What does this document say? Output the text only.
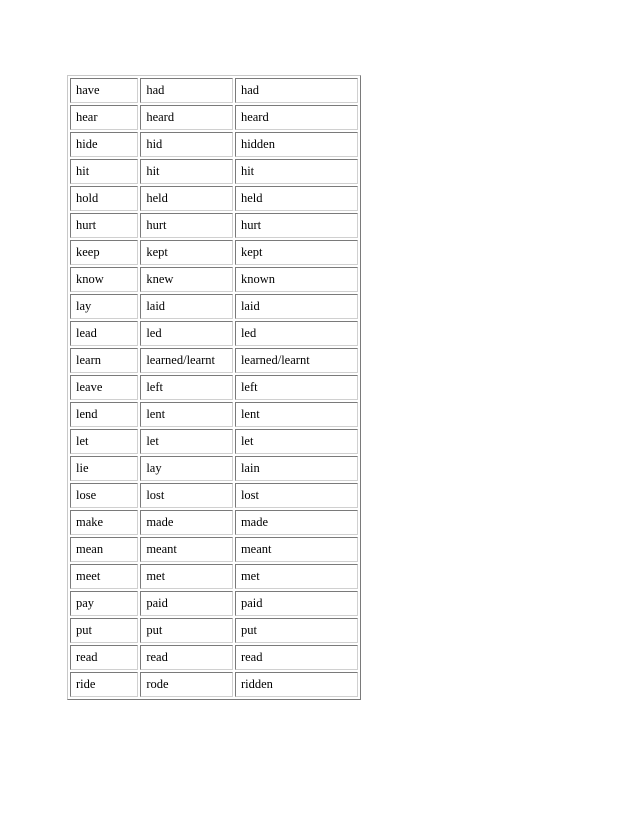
have	had	had
hear	heard	heard
hide	hid	hidden
hit	hit	hit
hold	held	held
hurt	hurt	hurt
keep	kept	kept
know	knew	known
lay	laid	laid
lead	led	led
learn	learned/learnt	learned/learnt
leave	left	left
lend	lent	lent
let	let	let
lie	lay	lain
lose	lost	lost
make	made	made
mean	meant	meant
meet	met	met
pay	paid	paid
put	put	put
read	read	read
ride	rode	ridden
